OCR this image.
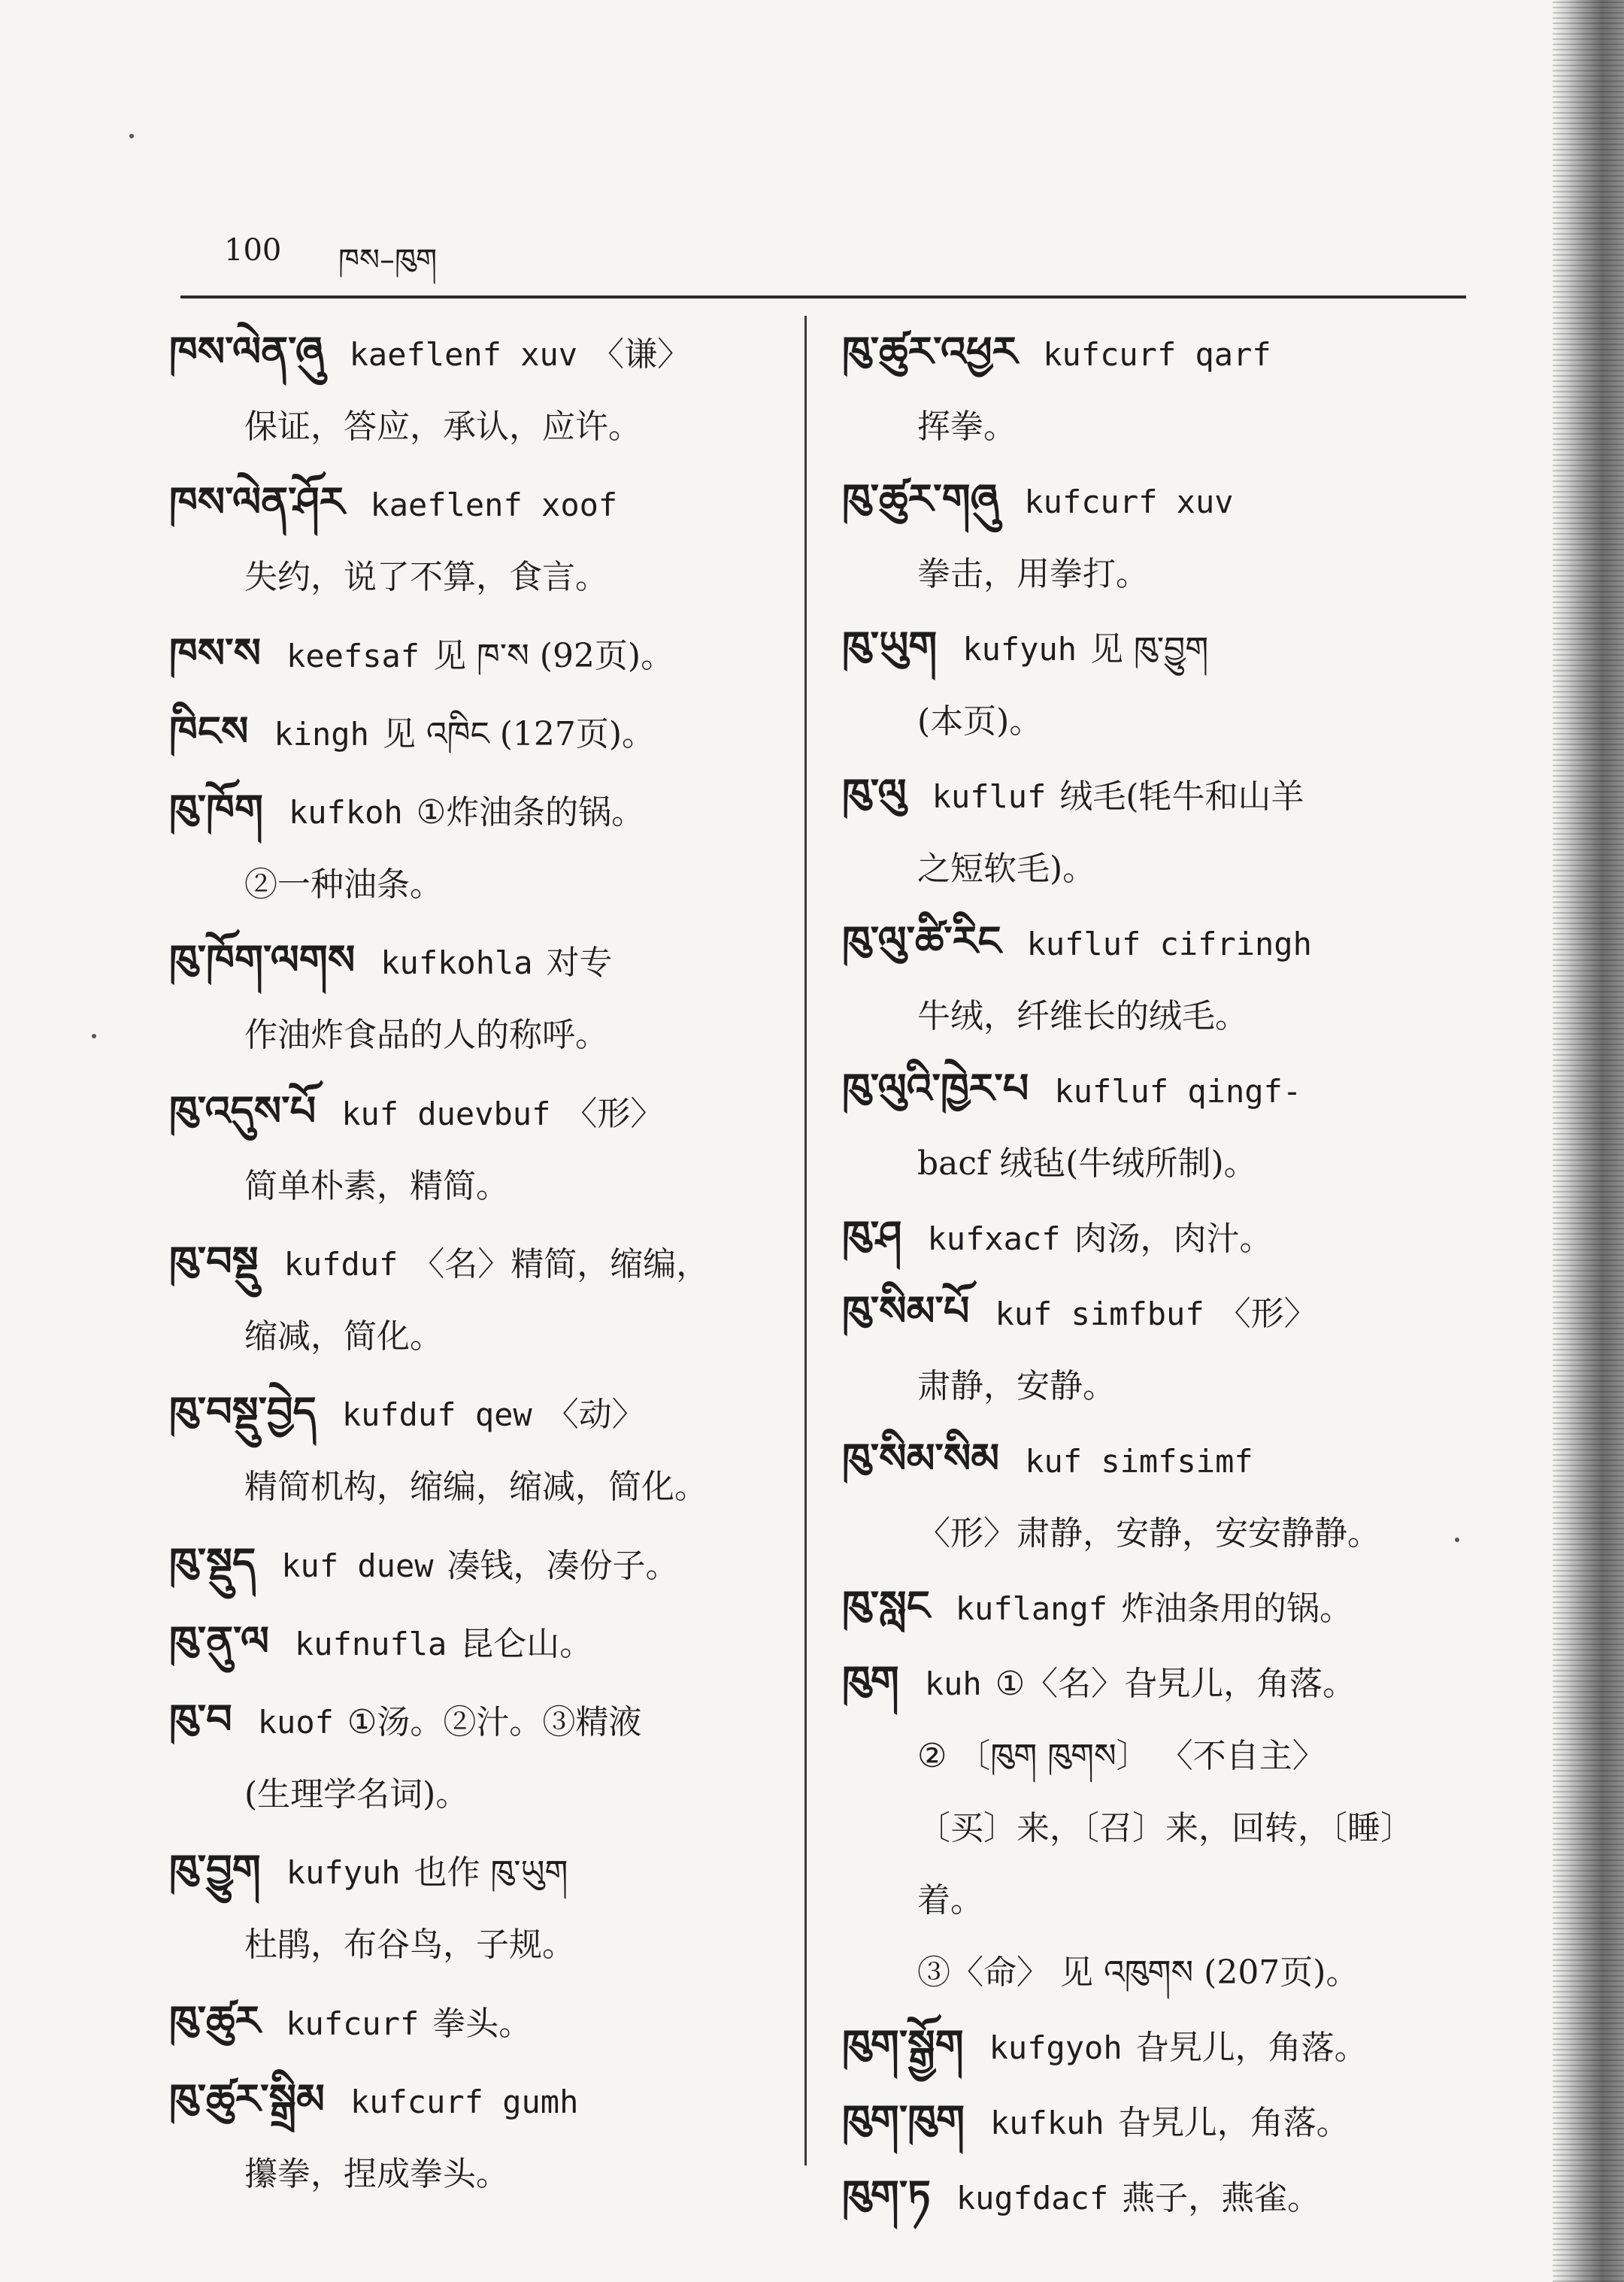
100 ཁས–ཁུག
ཁས་ལེན་ཞུ kaeflenf xuv 〈谦〉
保证，答应，承认，应许。
ཁས་ལེན་ཤོར kaeflenf xoof
失约，说了不算，食言。
ཁས་ས keefsaf 见 ཁ་ས (92页)。
ཁིངས kingh 见 འཁིང (127页)。
ཁུ་ཁོག kufkoh ①炸油条的锅。
②一种油条。
ཁུ་ཁོག་ལགས kufkohla 对专
作油炸食品的人的称呼。
ཁུ་འདུས་པོ kuf duevbuf 〈形〉
简单朴素，精简。
ཁུ་བསྡུ kufduf 〈名〉精简，缩编，
缩减，简化。
ཁུ་བསྡུ་བྱེད kufduf qew 〈动〉
精简机构，缩编，缩减，简化。
ཁུ་སྡུད kuf duew 凑钱，凑份子。
ཁུ་ནུ་ལ kufnufla 昆仑山。
ཁུ་བ kuof ①汤。②汁。③精液
(生理学名词)。
ཁུ་བྱུག kufyuh 也作 ཁུ་ཡུག
杜鹃，布谷鸟，子规。
ཁུ་ཚུར kufcurf 拳头。
ཁུ་ཚུར་སྒྲིམ kufcurf gumh
攥拳，捏成拳头。
ཁུ་ཚུར་འཕྱར kufcurf qarf
挥拳。
ཁུ་ཚུར་གཞུ kufcurf xuv
拳击，用拳打。
ཁུ་ཡུག kufyuh 见 ཁུ་བྱུག
(本页)。
ཁུ་ལུ kufluf 绒毛(牦牛和山羊
之短软毛)。
ཁུ་ལུ་ཚི་རིང kufluf cifringh
牛绒，纤维长的绒毛。
ཁུ་ལུའི་ཁྱེར་པ kufluf qingf-
bacf 绒毡(牛绒所制)。
ཁུ་ཤ kufxacf 肉汤，肉汁。
ཁུ་སིམ་པོ kuf simfbuf 〈形〉
肃静，安静。
ཁུ་སིམ་སིམ kuf simfsimf
〈形〉肃静，安静，安安静静。
ཁུ་སླང kuflangf 炸油条用的锅。
ཁུག kuh ①〈名〉旮旯儿，角落。
② 〔ཁུག ཁུགས〕 〈不自主〉
〔买〕来，〔召〕来，回转，〔睡〕着。
③〈命〉 见 འཁུགས (207页)。
ཁུག་སྒྱོག kufgyoh 旮旯儿，角落。
ཁུག་ཁུག kufkuh 旮旯儿，角落。
ཁུག་ཏ kugfdacf 燕子，燕雀。
